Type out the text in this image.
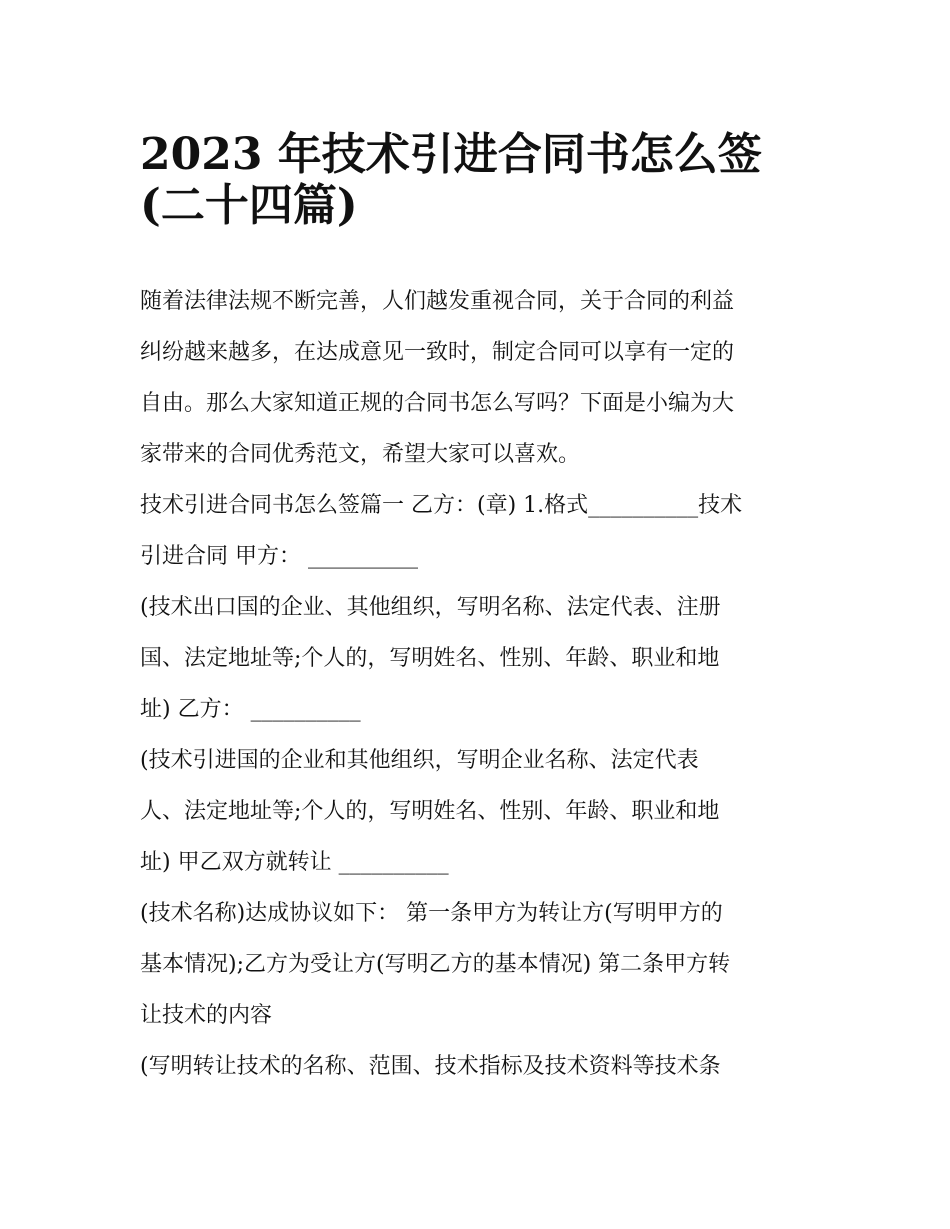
2023 年技术引进合同书怎么签
(二十四篇)
随着法律法规不断完善，人们越发重视合同，关于合同的利益
纠纷越来越多，在达成意见一致时，制定合同可以享有一定的
自由。那么大家知道正规的合同书怎么写吗？下面是小编为大
家带来的合同优秀范文，希望大家可以喜欢。
技术引进合同书怎么签篇一 乙方：(章) 1.格式__________技术
引进合同 甲方： __________
(技术出口国的企业、其他组织，写明名称、法定代表、注册
国、法定地址等;个人的，写明姓名、性别、年龄、职业和地
址) 乙方： __________
(技术引进国的企业和其他组织，写明企业名称、法定代表
人、法定地址等;个人的，写明姓名、性别、年龄、职业和地
址) 甲乙双方就转让 __________
(技术名称)达成协议如下： 第一条甲方为转让方(写明甲方的
基本情况);乙方为受让方(写明乙方的基本情况) 第二条甲方转
让技术的内容
(写明转让技术的名称、范围、技术指标及技术资料等技术条
